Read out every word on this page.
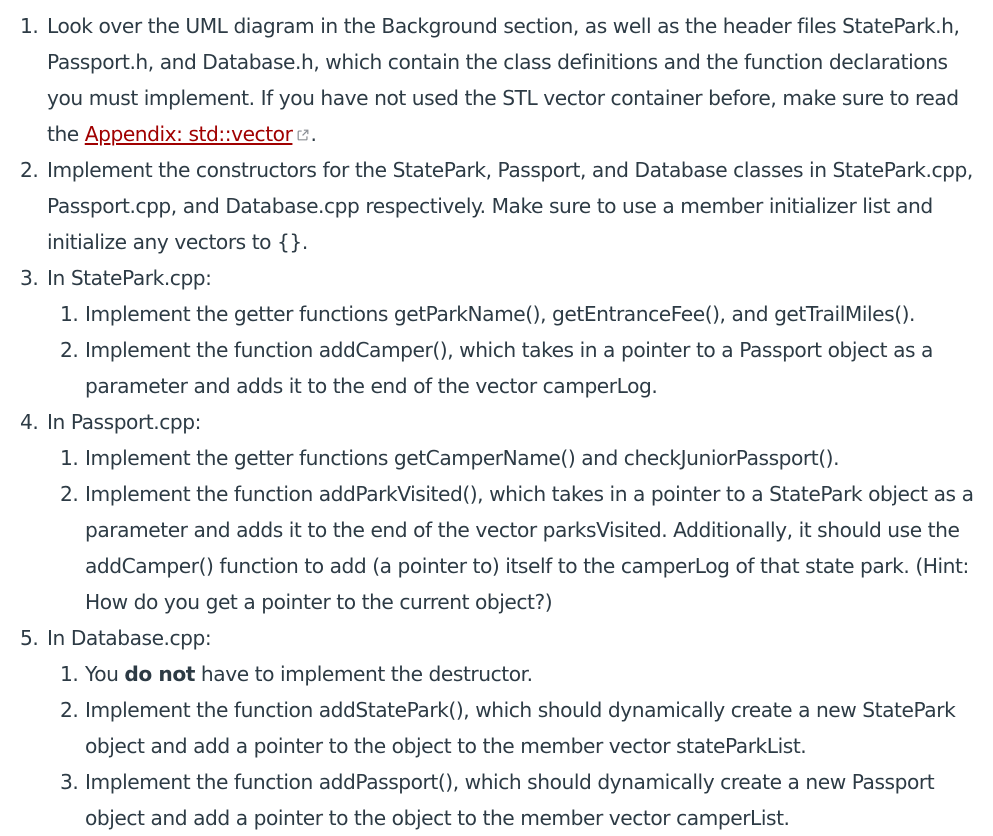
1. Look over the UML diagram in the Background section, as well as the header files StatePark.h, Passport.h, and Database.h, which contain the class definitions and the function declarations you must implement. If you have not used the STL vector container before, make sure to read the Appendix: std::vector .
2. Implement the constructors for the StatePark, Passport, and Database classes in StatePark.cpp, Passport.cpp, and Database.cpp respectively. Make sure to use a member initializer list and initialize any vectors to {}.
3. In StatePark.cpp:
1. Implement the getter functions getParkName(), getEntranceFee(), and getTrailMiles().
2. Implement the function addCamper(), which takes in a pointer to a Passport object as a parameter and adds it to the end of the vector camperLog.
4. In Passport.cpp:
1. Implement the getter functions getCamperName() and checkJuniorPassport().
2. Implement the function addParkVisited(), which takes in a pointer to a StatePark object as a parameter and adds it to the end of the vector parksVisited. Additionally, it should use the addCamper() function to add (a pointer to) itself to the camperLog of that state park. (Hint: How do you get a pointer to the current object?)
5. In Database.cpp:
1. You do not have to implement the destructor.
2. Implement the function addStatePark(), which should dynamically create a new StatePark object and add a pointer to the object to the member vector stateParkList.
3. Implement the function addPassport(), which should dynamically create a new Passport object and add a pointer to the object to the member vector camperList.
